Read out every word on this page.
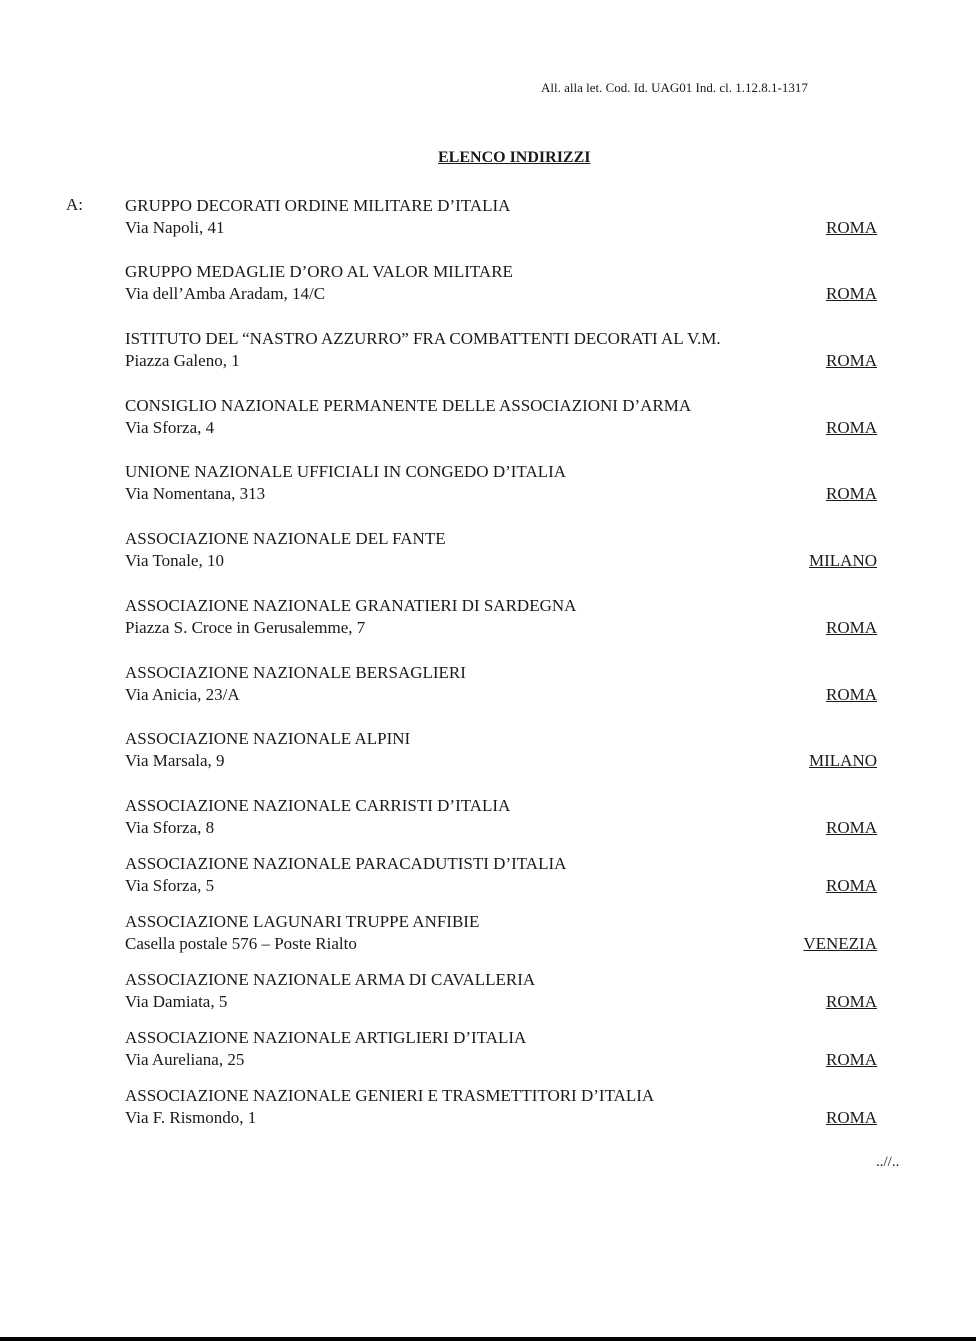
All. alla let. Cod. Id. UAG01 Ind. cl. 1.12.8.1-1317
ELENCO INDIRIZZI
A: GRUPPO DECORATI ORDINE MILITARE D’ITALIA
Via Napoli, 41	ROMA
GRUPPO MEDAGLIE D’ORO AL VALOR MILITARE
Via dell’Amba Aradam, 14/C	ROMA
ISTITUTO DEL “NASTRO AZZURRO” FRA COMBATTENTI DECORATI AL V.M.
Piazza Galeno, 1	ROMA
CONSIGLIO NAZIONALE PERMANENTE DELLE ASSOCIAZIONI D’ARMA
Via Sforza, 4	ROMA
UNIONE NAZIONALE UFFICIALI IN CONGEDO D’ITALIA
Via Nomentana, 313	ROMA
ASSOCIAZIONE NAZIONALE DEL FANTE
Via Tonale, 10	MILANO
ASSOCIAZIONE NAZIONALE GRANATIERI DI SARDEGNA
Piazza S. Croce in Gerusalemme, 7	ROMA
ASSOCIAZIONE NAZIONALE BERSAGLIERI
Via Anicia, 23/A	ROMA
ASSOCIAZIONE NAZIONALE ALPINI
Via Marsala, 9	MILANO
ASSOCIAZIONE NAZIONALE CARRISTI D’ITALIA
Via Sforza, 8	ROMA
ASSOCIAZIONE NAZIONALE PARACADUTISTI D’ITALIA
Via Sforza, 5	ROMA
ASSOCIAZIONE LAGUNARI TRUPPE ANFIBIE
Casella postale 576 – Poste Rialto	VENEZIA
ASSOCIAZIONE NAZIONALE ARMA DI CAVALLERIA
Via Damiata, 5	ROMA
ASSOCIAZIONE NAZIONALE ARTIGLIERI D’ITALIA
Via Aureliana, 25	ROMA
ASSOCIAZIONE NAZIONALE GENIERI E TRASMETTITORI D’ITALIA
Via F. Rismondo, 1	ROMA
..//..
